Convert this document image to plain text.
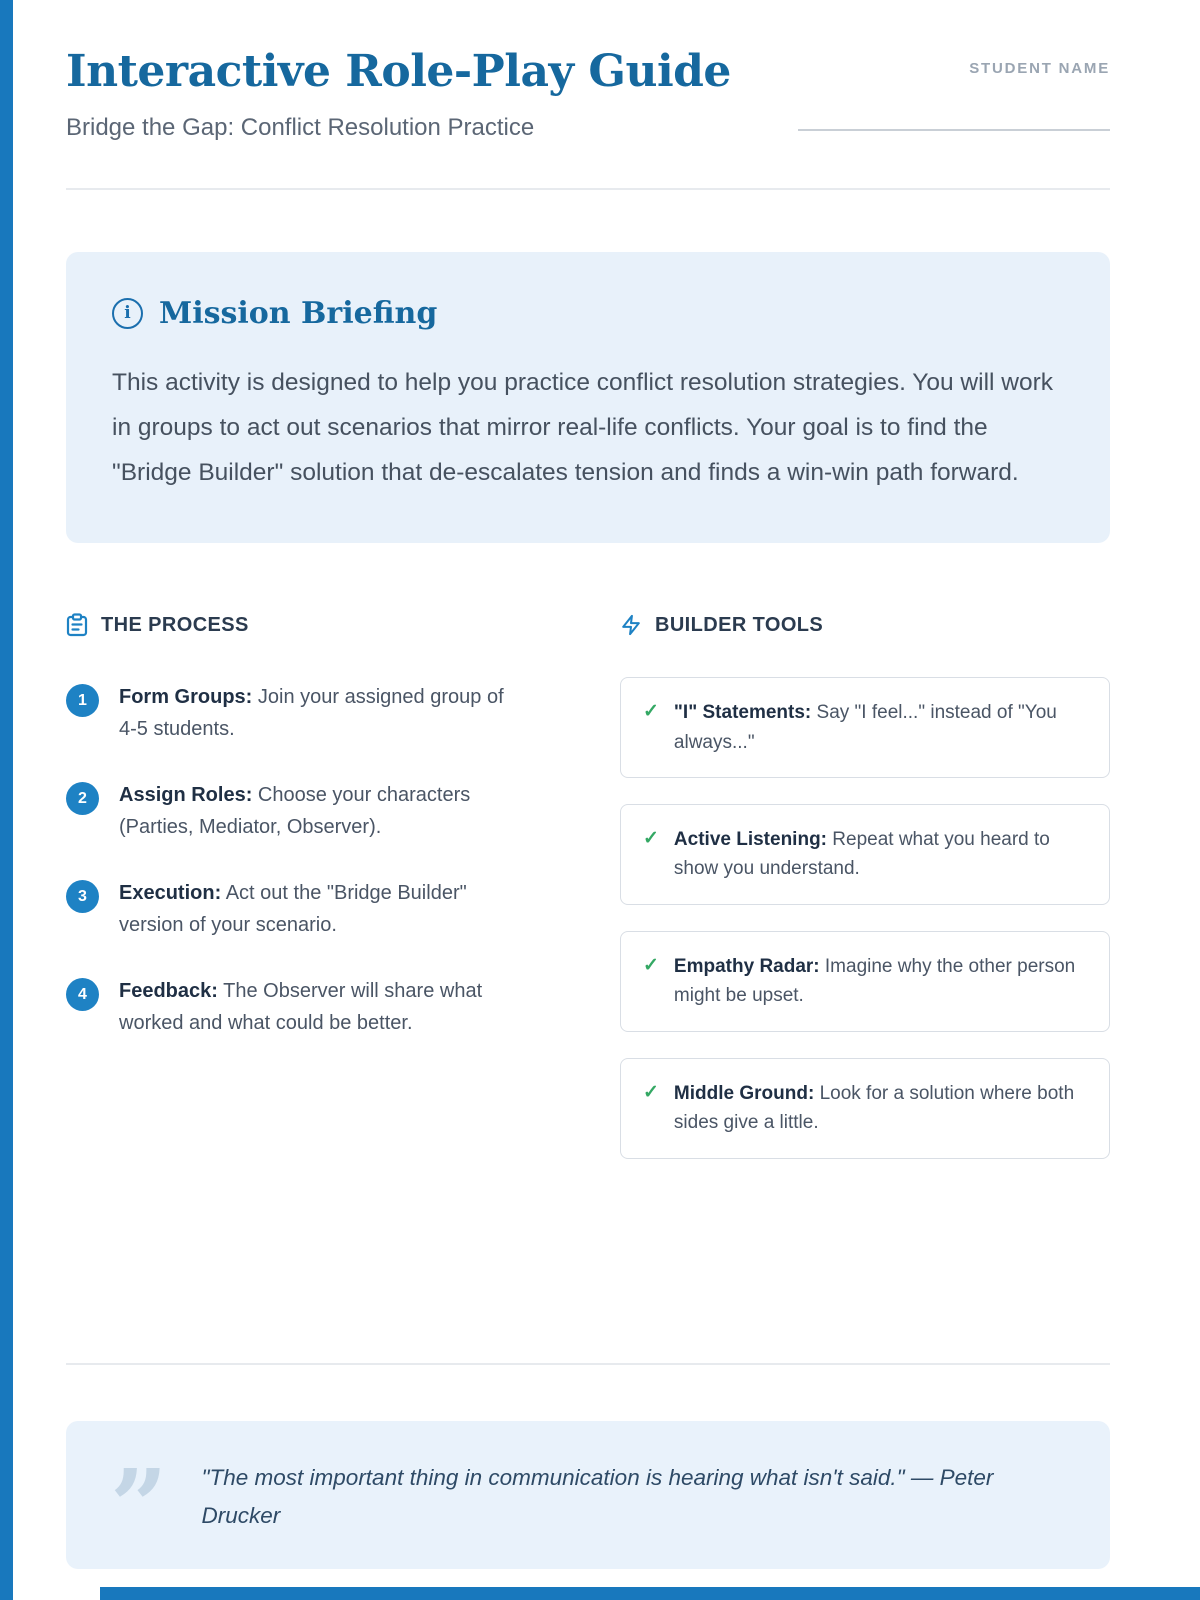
Interactive Role-Play Guide
Bridge the Gap: Conflict Resolution Practice
STUDENT NAME
i Mission Briefing
This activity is designed to help you practice conflict resolution strategies. You will work in groups to act out scenarios that mirror real-life conflicts. Your goal is to find the "Bridge Builder" solution that de-escalates tension and finds a win-win path forward.
THE PROCESS
1	Form Groups: Join your assigned group of 4-5 students.
2	Assign Roles: Choose your characters (Parties, Mediator, Observer).
3	Execution: Act out the "Bridge Builder" version of your scenario.
4	Feedback: The Observer will share what worked and what could be better.
BUILDER TOOLS
✓ "I" Statements: Say "I feel..." instead of "You always..."
✓ Active Listening: Repeat what you heard to show you understand.
✓ Empathy Radar: Imagine why the other person might be upset.
✓ Middle Ground: Look for a solution where both sides give a little.
” "The most important thing in communication is hearing what isn't said." — Peter Drucker
